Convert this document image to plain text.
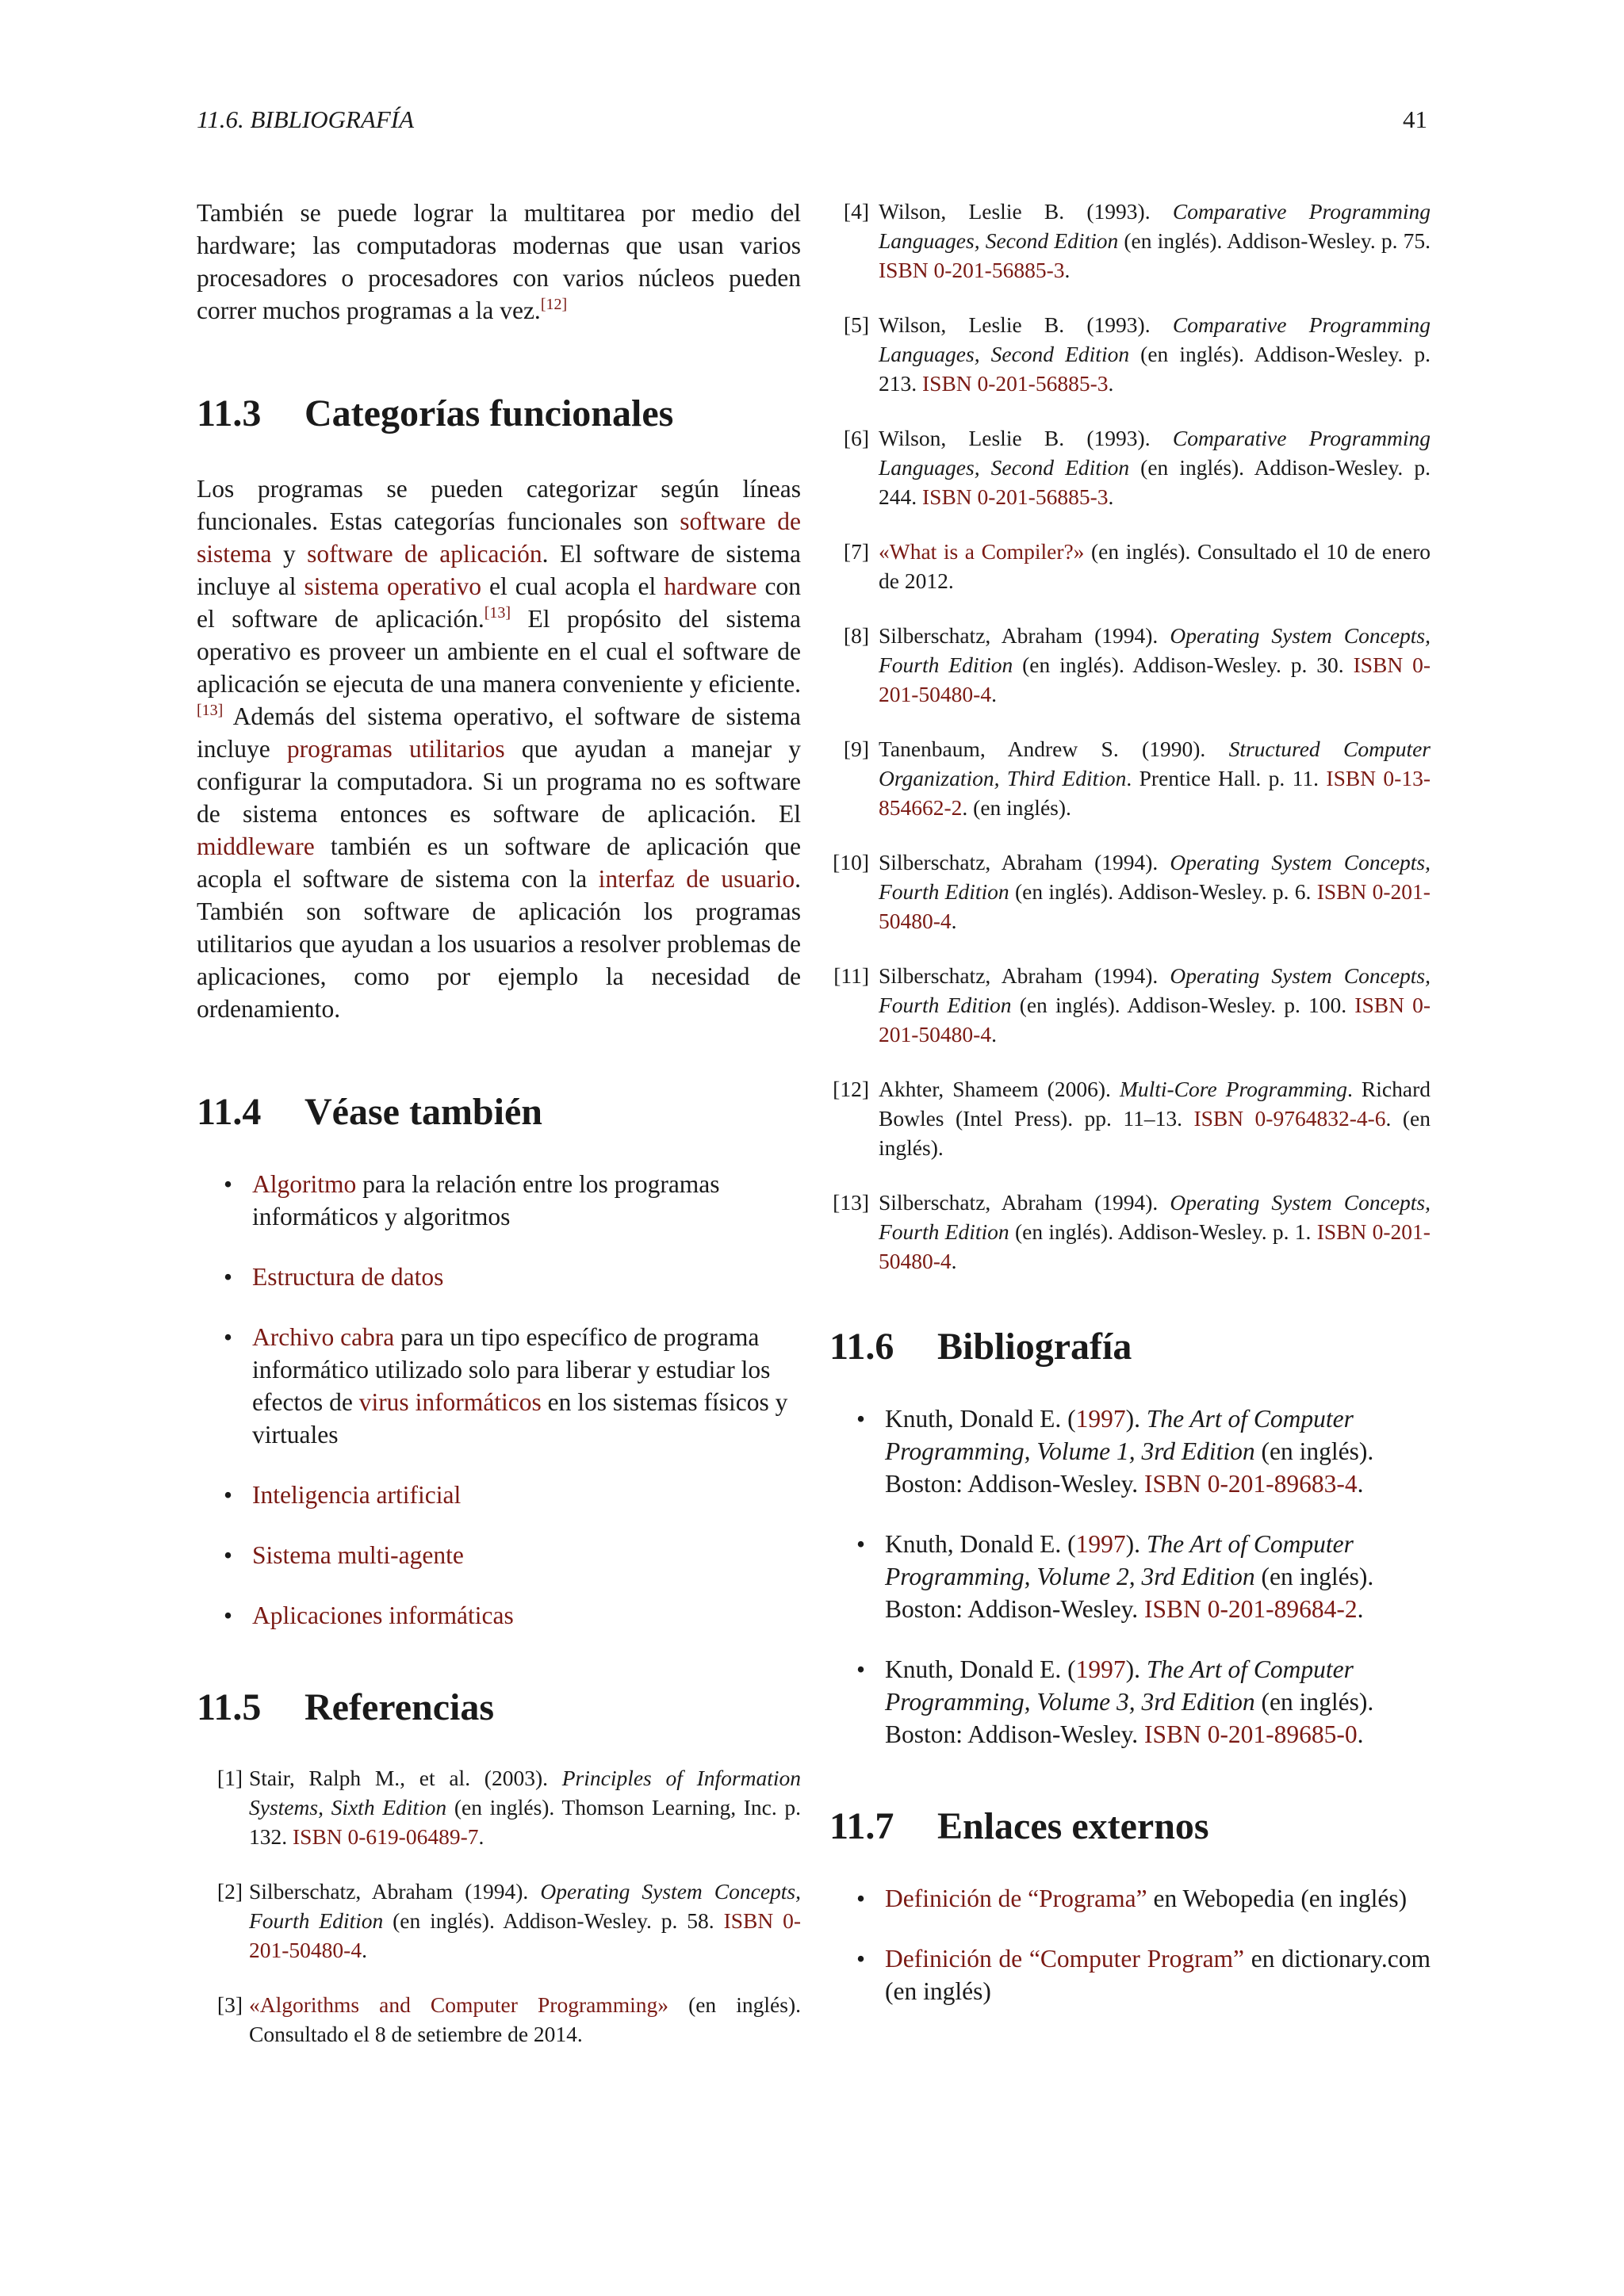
11.6. BIBLIOGRAFÍA	41

También se puede lograr la multitarea por medio del hardware; las computadoras modernas que usan varios procesadores o procesadores con varios núcleos pueden correr muchos programas a la vez.[12]

11.3 Categorías funcionales

Los programas se pueden categorizar según líneas funcionales. Estas categorías funcionales son software de sistema y software de aplicación. El software de sistema incluye al sistema operativo el cual acopla el hardware con el software de aplicación.[13] El propósito del sistema operativo es proveer un ambiente en el cual el software de aplicación se ejecuta de una manera conveniente y eficiente.[13] Además del sistema operativo, el software de sistema incluye programas utilitarios que ayudan a manejar y configurar la computadora. Si un programa no es software de sistema entonces es software de aplicación. El middleware también es un software de aplicación que acopla el software de sistema con la interfaz de usuario. También son software de aplicación los programas utilitarios que ayudan a los usuarios a resolver problemas de aplicaciones, como por ejemplo la necesidad de ordenamiento.

11.4 Véase también
• Algoritmo para la relación entre los programas informáticos y algoritmos
• Estructura de datos
• Archivo cabra para un tipo específico de programa informático utilizado solo para liberar y estudiar los efectos de virus informáticos en los sistemas físicos y virtuales
• Inteligencia artificial
• Sistema multi-agente
• Aplicaciones informáticas
11.5 Referencias
[1] Stair, Ralph M., et al. (2003). Principles of Information Systems, Sixth Edition (en inglés). Thomson Learning, Inc. p. 132. ISBN 0-619-06489-7.
[2] Silberschatz, Abraham (1994). Operating System Concepts, Fourth Edition (en inglés). Addison-Wesley. p. 58. ISBN 0-201-50480-4.
[3] «Algorithms and Computer Programming» (en inglés). Consultado el 8 de setiembre de 2014.
[4] Wilson, Leslie B. (1993). Comparative Programming Languages, Second Edition (en inglés). Addison-Wesley. p. 75. ISBN 0-201-56885-3.
[5] Wilson, Leslie B. (1993). Comparative Programming Languages, Second Edition (en inglés). Addison-Wesley. p. 213. ISBN 0-201-56885-3.
[6] Wilson, Leslie B. (1993). Comparative Programming Languages, Second Edition (en inglés). Addison-Wesley. p. 244. ISBN 0-201-56885-3.
[7] «What is a Compiler?» (en inglés). Consultado el 10 de enero de 2012.
[8] Silberschatz, Abraham (1994). Operating System Concepts, Fourth Edition (en inglés). Addison-Wesley. p. 30. ISBN 0-201-50480-4.
[9] Tanenbaum, Andrew S. (1990). Structured Computer Organization, Third Edition. Prentice Hall. p. 11. ISBN 0-13-854662-2. (en inglés).
[10] Silberschatz, Abraham (1994). Operating System Concepts, Fourth Edition (en inglés). Addison-Wesley. p. 6. ISBN 0-201-50480-4.
[11] Silberschatz, Abraham (1994). Operating System Concepts, Fourth Edition (en inglés). Addison-Wesley. p. 100. ISBN 0-201-50480-4.
[12] Akhter, Shameem (2006). Multi-Core Programming. Richard Bowles (Intel Press). pp. 11–13. ISBN 0-9764832-4-6. (en inglés).
[13] Silberschatz, Abraham (1994). Operating System Concepts, Fourth Edition (en inglés). Addison-Wesley. p. 1. ISBN 0-201-50480-4.
11.6 Bibliografía
• Knuth, Donald E. (1997). The Art of Computer Programming, Volume 1, 3rd Edition (en inglés). Boston: Addison-Wesley. ISBN 0-201-89683-4.
• Knuth, Donald E. (1997). The Art of Computer Programming, Volume 2, 3rd Edition (en inglés). Boston: Addison-Wesley. ISBN 0-201-89684-2.
• Knuth, Donald E. (1997). The Art of Computer Programming, Volume 3, 3rd Edition (en inglés). Boston: Addison-Wesley. ISBN 0-201-89685-0.
11.7 Enlaces externos
• Definición de “Programa” en Webopedia (en inglés)
• Definición de “Computer Program” en dictionary.com (en inglés)
